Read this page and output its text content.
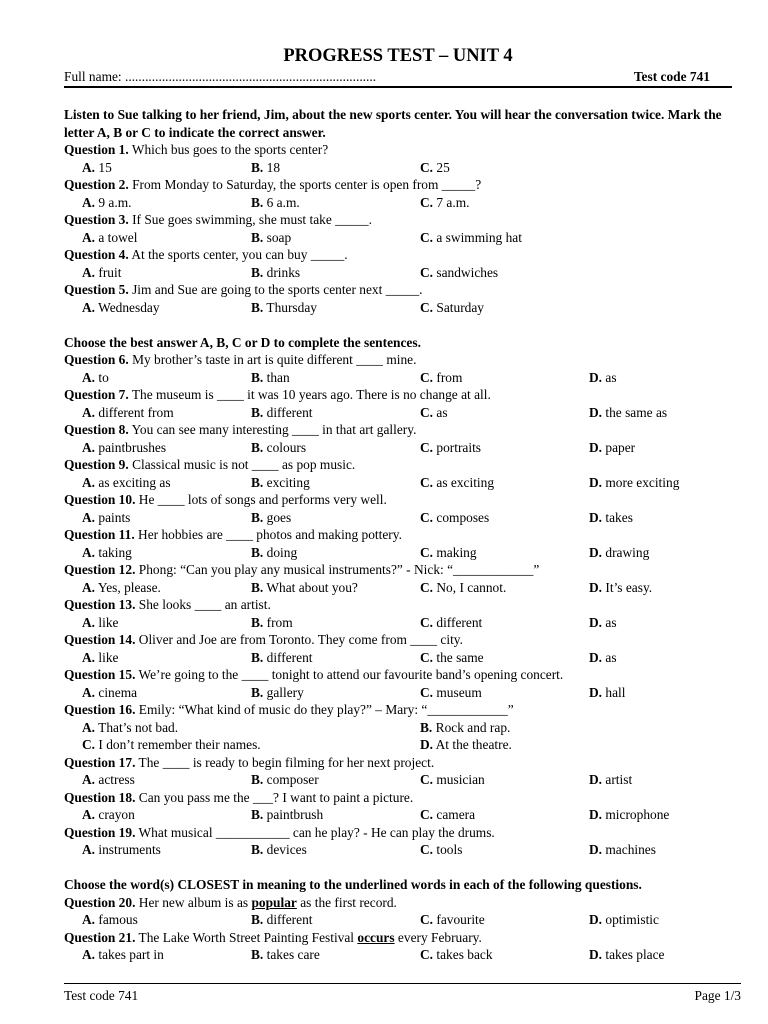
PROGRESS TEST – UNIT 4
Full name: ...........................................................................	Test code 741
Listen to Sue talking to her friend, Jim, about the new sports center. You will hear the conversation twice. Mark the letter A, B or C to indicate the correct answer.
Question 1. Which bus goes to the sports center?
A. 15	B. 18	C. 25
Question 2. From Monday to Saturday, the sports center is open from _____?
A. 9 a.m.	B. 6 a.m.	C. 7 a.m.
Question 3. If Sue goes swimming, she must take _____.
A. a towel	B. soap	C. a swimming hat
Question 4. At the sports center, you can buy _____.
A. fruit	B. drinks	C. sandwiches
Question 5. Jim and Sue are going to the sports center next _____.
A. Wednesday	B. Thursday	C. Saturday
Choose the best answer A, B, C or D to complete the sentences.
Question 6. My brother’s taste in art is quite different ____ mine.
A. to	B. than	C. from	D. as
Question 7. The museum is ____ it was 10 years ago. There is no change at all.
A. different from	B. different	C. as	D. the same as
Question 8. You can see many interesting ____ in that art gallery.
A. paintbrushes	B. colours	C. portraits	D. paper
Question 9. Classical music is not ____ as pop music.
A. as exciting as	B. exciting	C. as exciting	D. more exciting
Question 10. He ____ lots of songs and performs very well.
A. paints	B. goes	C. composes	D. takes
Question 11. Her hobbies are ____ photos and making pottery.
A. taking	B. doing	C. making	D. drawing
Question 12. Phong: “Can you play any musical instruments?” - Nick: “____________”
A. Yes, please.	B. What about you?	C. No, I cannot.	D. It’s easy.
Question 13. She looks ____ an artist.
A. like	B. from	C. different	D. as
Question 14. Oliver and Joe are from Toronto. They come from ____ city.
A. like	B. different	C. the same	D. as
Question 15. We’re going to the ____ tonight to attend our favourite band’s opening concert.
A. cinema	B. gallery	C. museum	D. hall
Question 16. Emily: “What kind of music do they play?” – Mary: “____________”
A. That’s not bad.	B. Rock and rap.
C. I don’t remember their names.	D. At the theatre.
Question 17. The ____ is ready to begin filming for her next project.
A. actress	B. composer	C. musician	D. artist
Question 18. Can you pass me the ___? I want to paint a picture.
A. crayon	B. paintbrush	C. camera	D. microphone
Question 19. What musical ___________ can he play? - He can play the drums.
A. instruments	B. devices	C. tools	D. machines
Choose the word(s) CLOSEST in meaning to the underlined words in each of the following questions.
Question 20. Her new album is as popular as the first record.
A. famous	B. different	C. favourite	D. optimistic
Question 21. The Lake Worth Street Painting Festival occurs every February.
A. takes part in	B. takes care	C. takes back	D. takes place
Test code 741	Page 1/3
